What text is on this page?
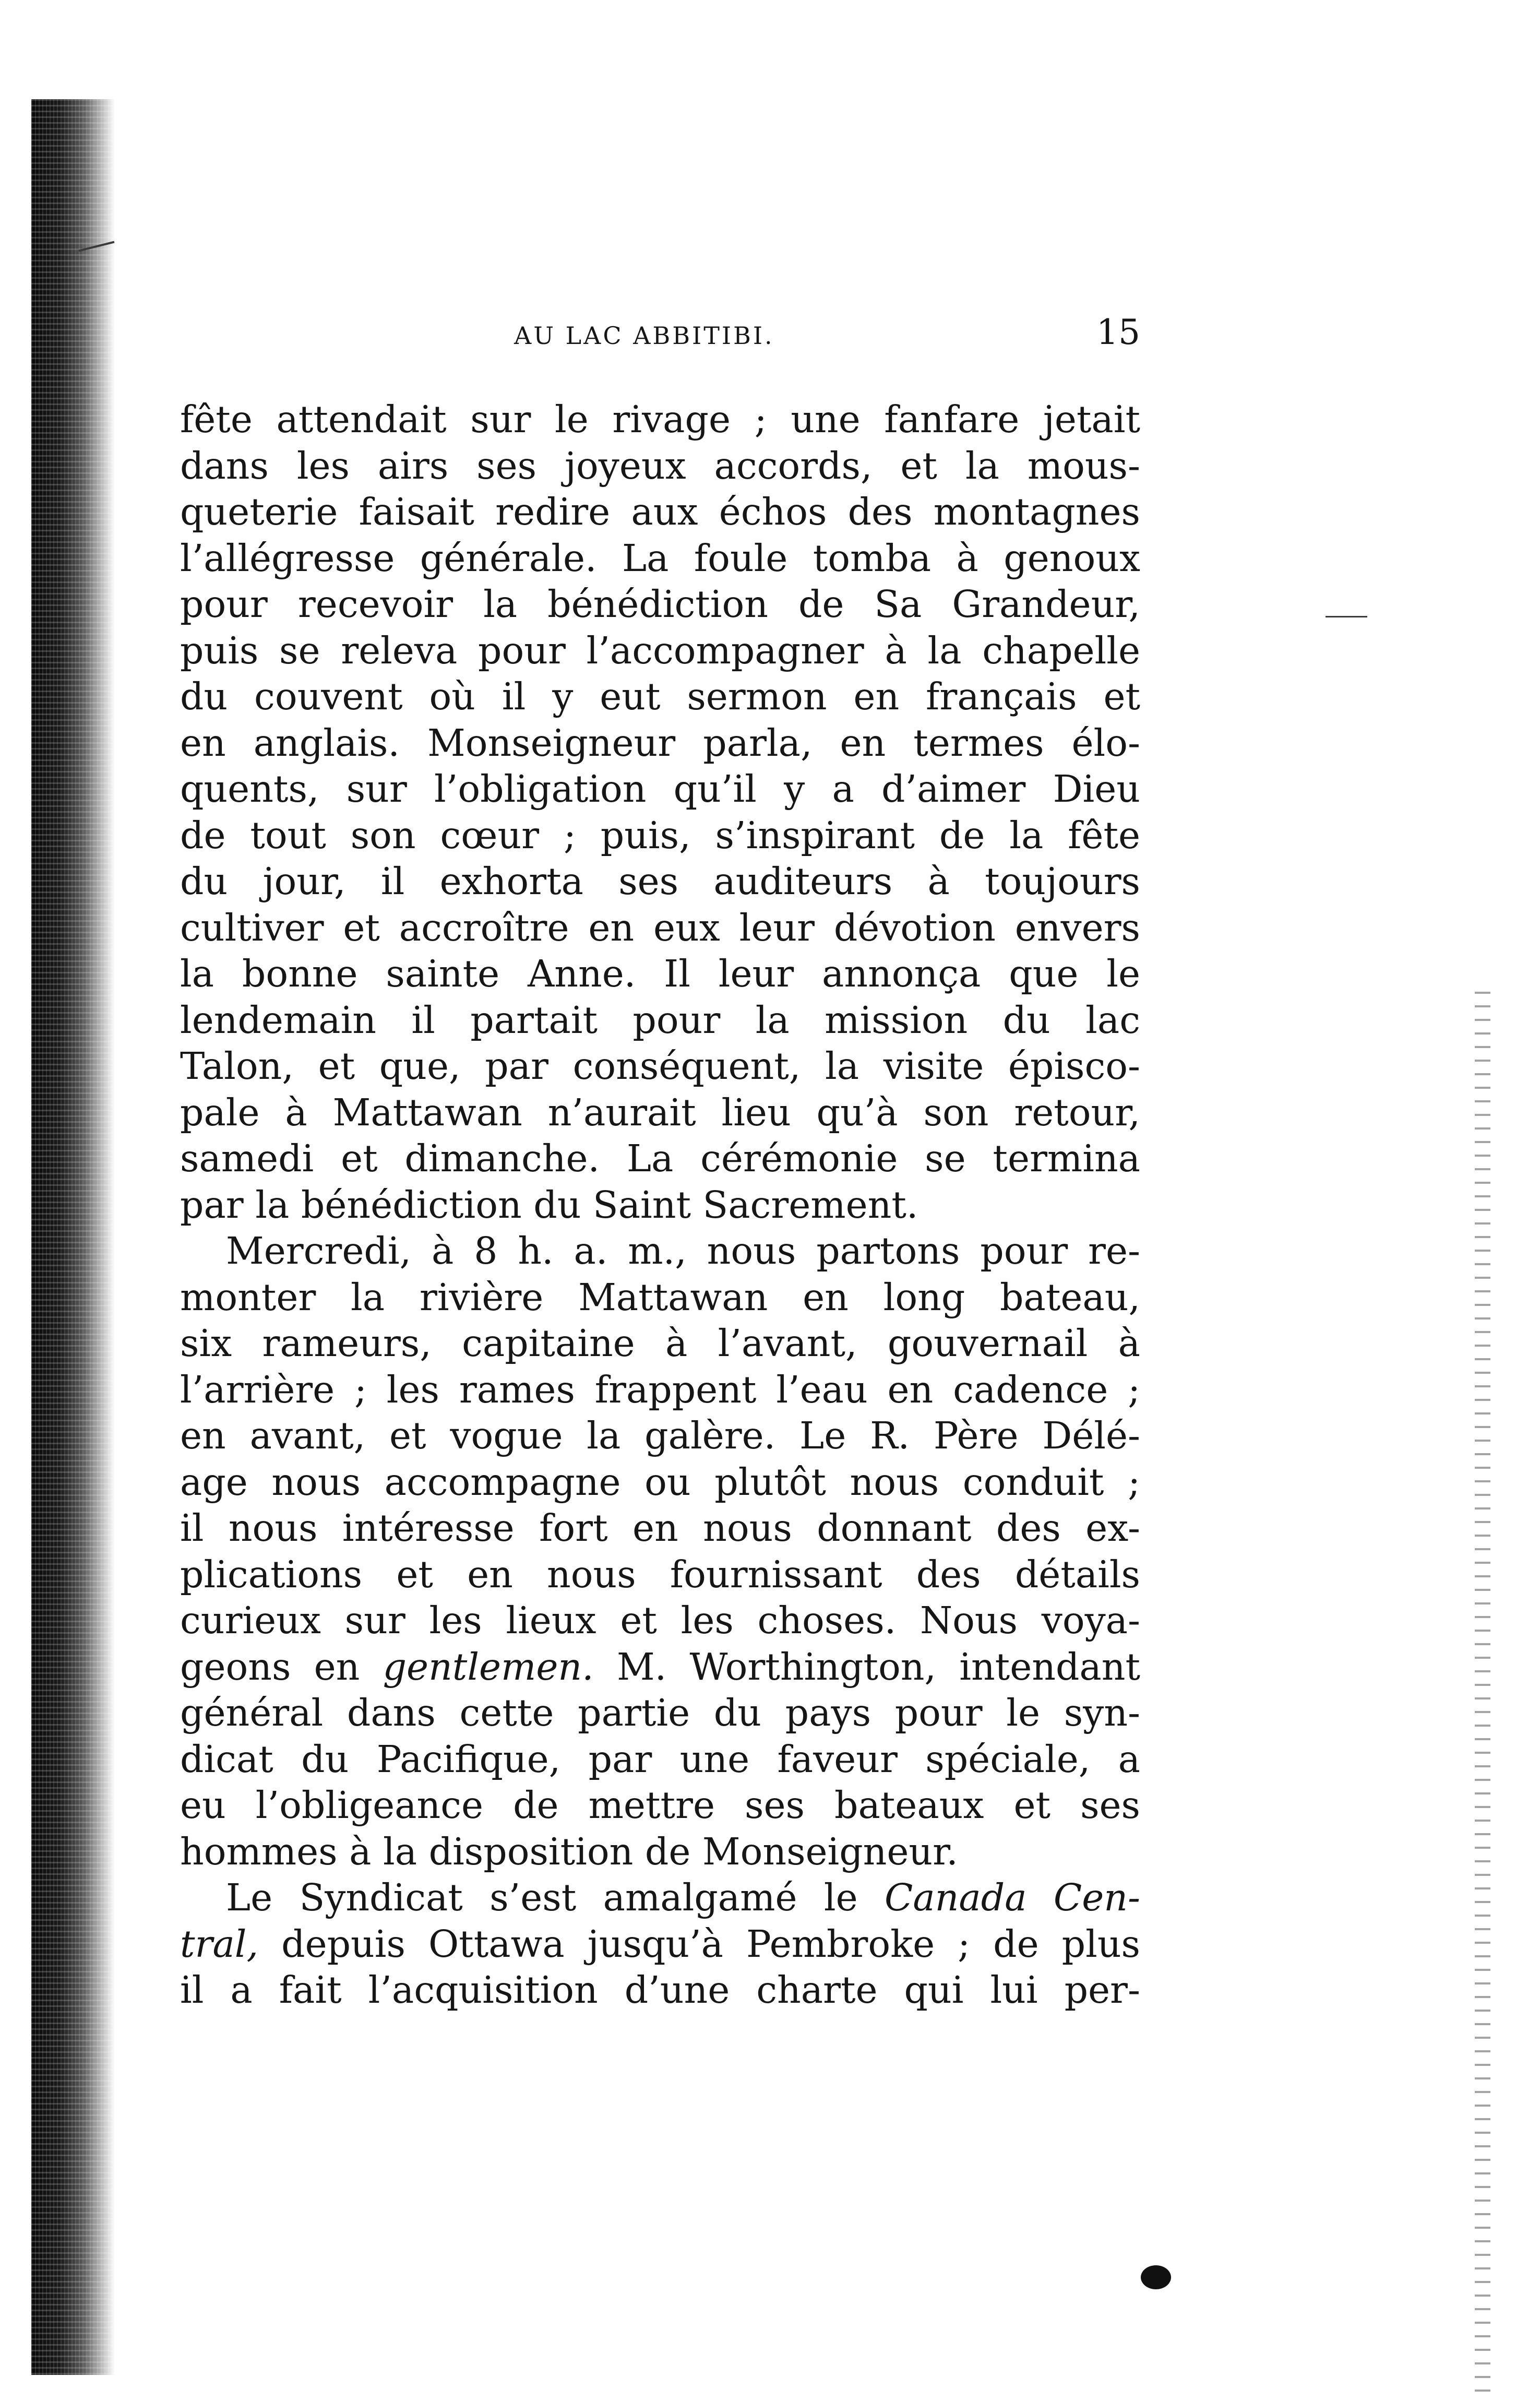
AU LAC ABBITIBI.	15
fête attendait sur le rivage ; une fanfare jetait
dans les airs ses joyeux accords, et la mous-
queterie faisait redire aux échos des montagnes
l’allégresse générale. La foule tomba à genoux
pour recevoir la bénédiction de Sa Grandeur,
puis se releva pour l’accompagner à la chapelle
du couvent où il y eut sermon en français et
en anglais. Monseigneur parla, en termes élo-
quents, sur l’obligation qu’il y a d’aimer Dieu
de tout son cœur ; puis, s’inspirant de la fête
du jour, il exhorta ses auditeurs à toujours
cultiver et accroître en eux leur dévotion envers
la bonne sainte Anne. Il leur annonça que le
lendemain il partait pour la mission du lac
Talon, et que, par conséquent, la visite épisco-
pale à Mattawan n’aurait lieu qu’à son retour,
samedi et dimanche. La cérémonie se termina
par la bénédiction du Saint Sacrement.
Mercredi, à 8 h. a. m., nous partons pour re-
monter la rivière Mattawan en long bateau,
six rameurs, capitaine à l’avant, gouvernail à
l’arrière ; les rames frappent l’eau en cadence ;
en avant, et vogue la galère. Le R. Père Délé-
age nous accompagne ou plutôt nous conduit ;
il nous intéresse fort en nous donnant des ex-
plications et en nous fournissant des détails
curieux sur les lieux et les choses. Nous voya-
geons en gentlemen. M. Worthington, intendant
général dans cette partie du pays pour le syn-
dicat du Pacifique, par une faveur spéciale, a
eu l’obligeance de mettre ses bateaux et ses
hommes à la disposition de Monseigneur.
Le Syndicat s’est amalgamé le Canada Cen-
tral, depuis Ottawa jusqu’à Pembroke ; de plus
il a fait l’acquisition d’une charte qui lui per-
